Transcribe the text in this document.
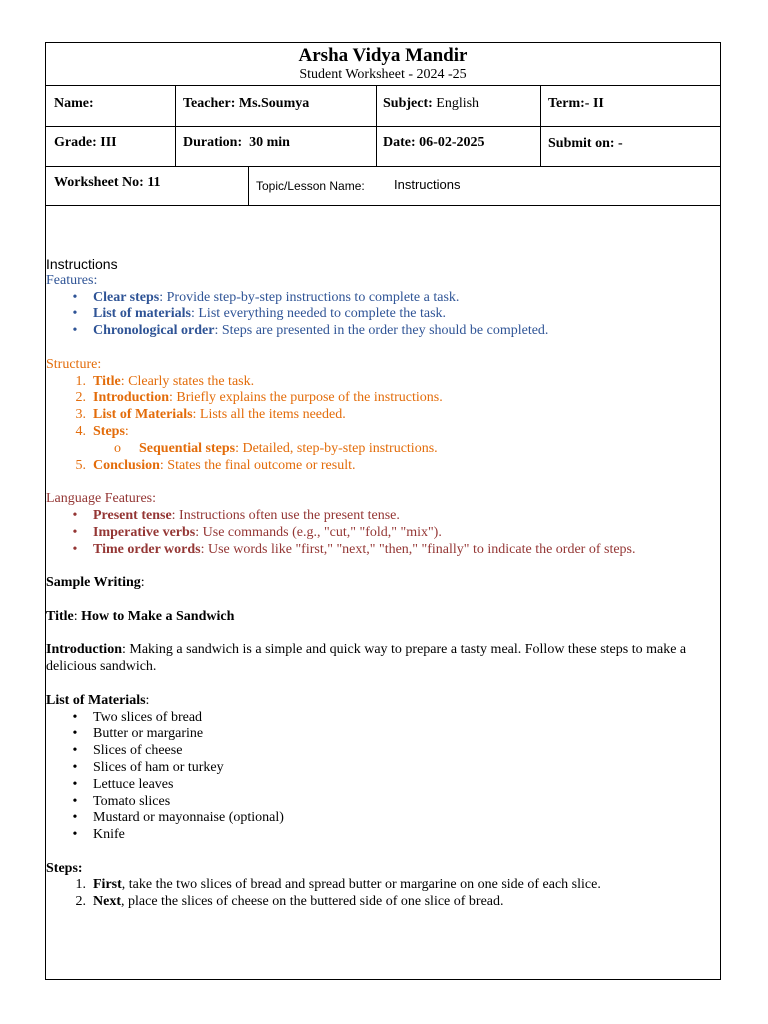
Arsha Vidya Mandir
Student Worksheet - 2024 -25
Name:	Teacher: Ms.Soumya	Subject: English	Term:- II
Grade: III	Duration: 30 min	Date: 06-02-2025	Submit on: -
Worksheet No: 11	Topic/Lesson Name: Instructions

Instructions

Features:

•	Clear steps: Provide step-by-step instructions to complete a task.
•	List of materials: List everything needed to complete the task.
•	Chronological order: Steps are presented in the order they should be completed.

Structure:

1. Title: Clearly states the task.
2. Introduction: Briefly explains the purpose of the instructions.
3. List of Materials: Lists all the items needed.
4. Steps:
o Sequential steps: Detailed, step-by-step instructions.
5. Conclusion: States the final outcome or result.

Language Features:

•	Present tense: Instructions often use the present tense.
•	Imperative verbs: Use commands (e.g., "cut," "fold," "mix").
•	Time order words: Use words like "first," "next," "then," "finally" to indicate the order of steps.

Sample Writing:

Title: How to Make a Sandwich

Introduction: Making a sandwich is a simple and quick way to prepare a tasty meal. Follow these steps to make a delicious sandwich.

List of Materials:

•	Two slices of bread
•	Butter or margarine
•	Slices of cheese
•	Slices of ham or turkey
•	Lettuce leaves
•	Tomato slices
•	Mustard or mayonnaise (optional)
•	Knife

Steps:

1. First, take the two slices of bread and spread butter or margarine on one side of each slice.
2. Next, place the slices of cheese on the buttered side of one slice of bread.
